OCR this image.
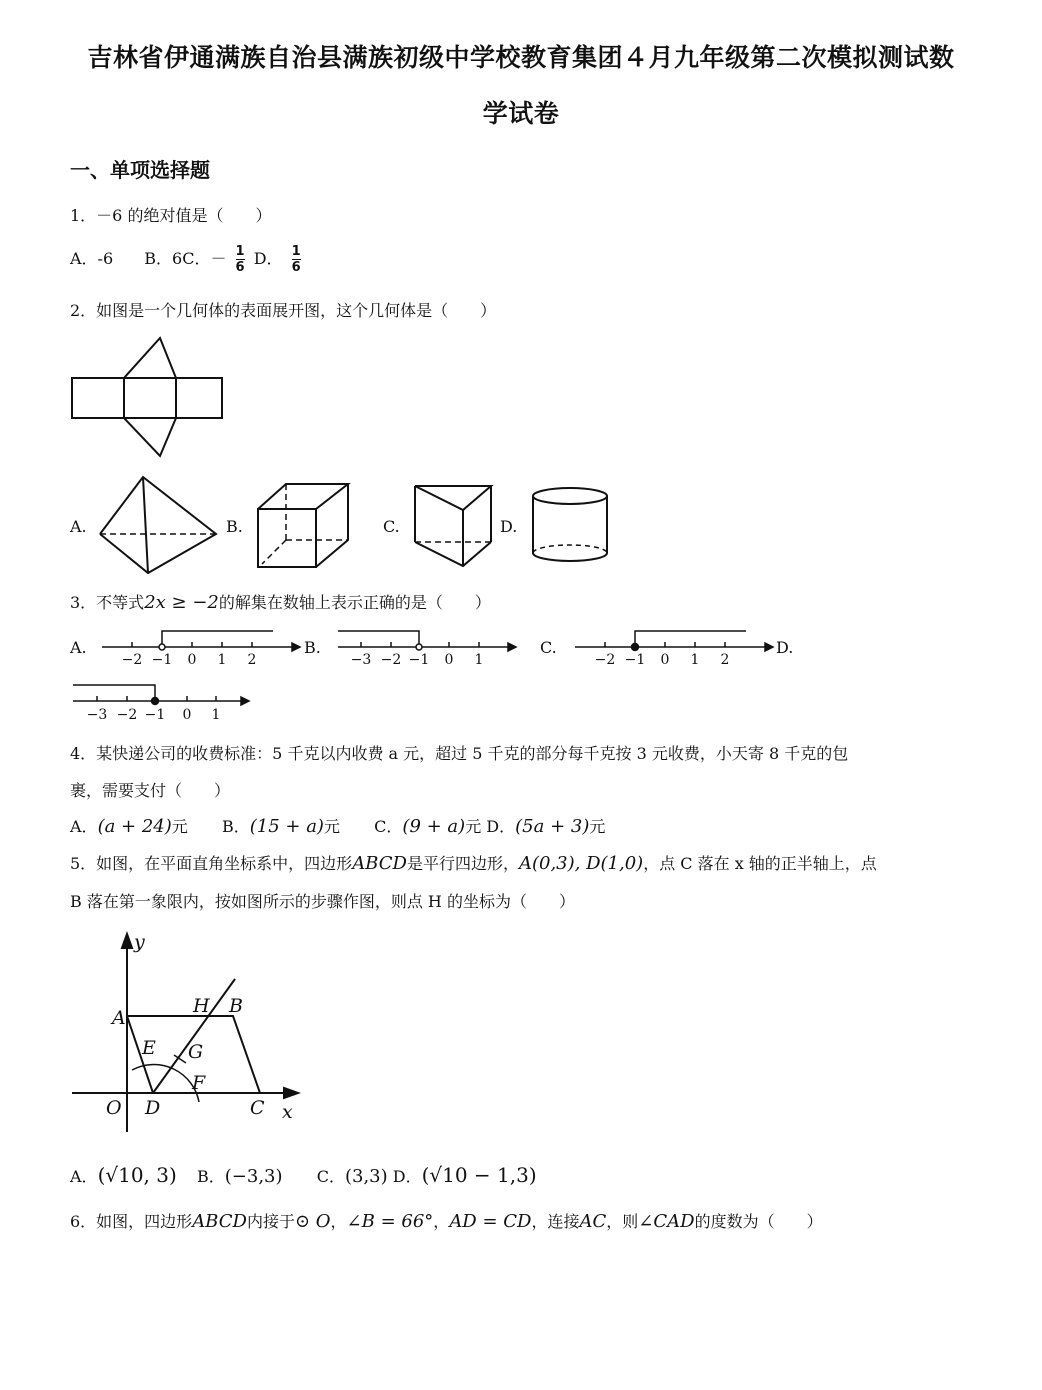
吉林省伊通满族自治县满族初级中学校教育集团４月九年级第二次模拟测试数
学试卷
一、单项选择题
1．－6 的绝对值是（　　）
A．-6 B．6C．－ $\frac{1}{6}$ D． $\frac{1}{6}$
2．如图是一个几何体的表面展开图，这个几何体是（　　）
A.	B.	C.	D.
3．不等式2x ≥ −2的解集在数轴上表示正确的是（　　）
A.
−2 −1 0 1 2
B.
−3 −2 −1 0 1
C.
−2 −1 0 1 2
D.
−3 −2 −1 0 1
4．某快递公司的收费标准：5 千克以内收费 a 元，超过 5 千克的部分每千克按 3 元收费，小天寄 8 千克的包
裹，需要支付（　　）
A．(a + 24)元 B．(15 + a)元 C．(9 + a)元 D．(5a + 3)元
5．如图，在平面直角坐标系中，四边形ABCD是平行四边形，A(0,3), D(1,0)，点 C 落在 x 轴的正半轴上，点
B 落在第一象限内，按如图所示的步骤作图，则点 H 的坐标为（　　）
y
A
H B
E G
F
O D	C x
A．(√10, 3) B．(−3,3) C．(3,3) D．(√10 − 1,3)
6．如图，四边形ABCD内接于⊙ O，∠B = 66°，AD = CD，连接AC，则∠CAD的度数为（　　）
